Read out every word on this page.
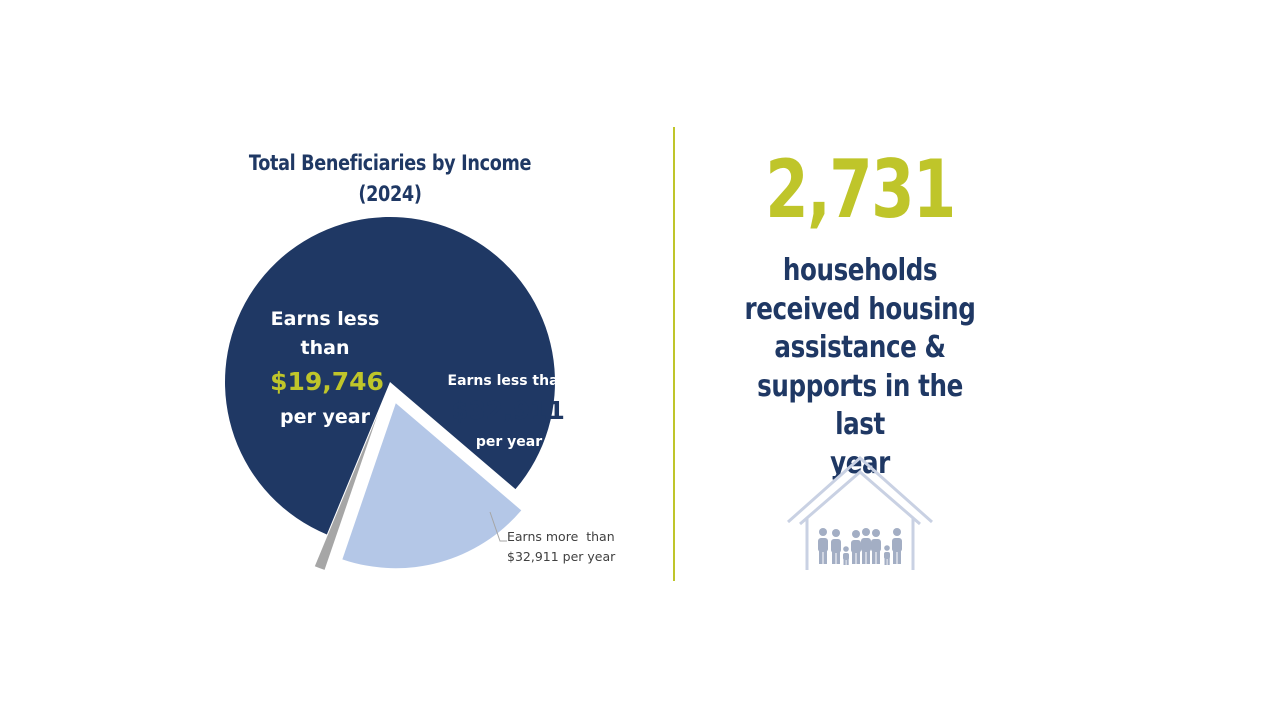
Total Beneficiaries by Income
(2024)
Earns less
than
$19,746
per year
Earns less than
$32,911
per year
Earns more  than
$32,911 per year
2,731
households
received housing
assistance &
supports in the last
year
